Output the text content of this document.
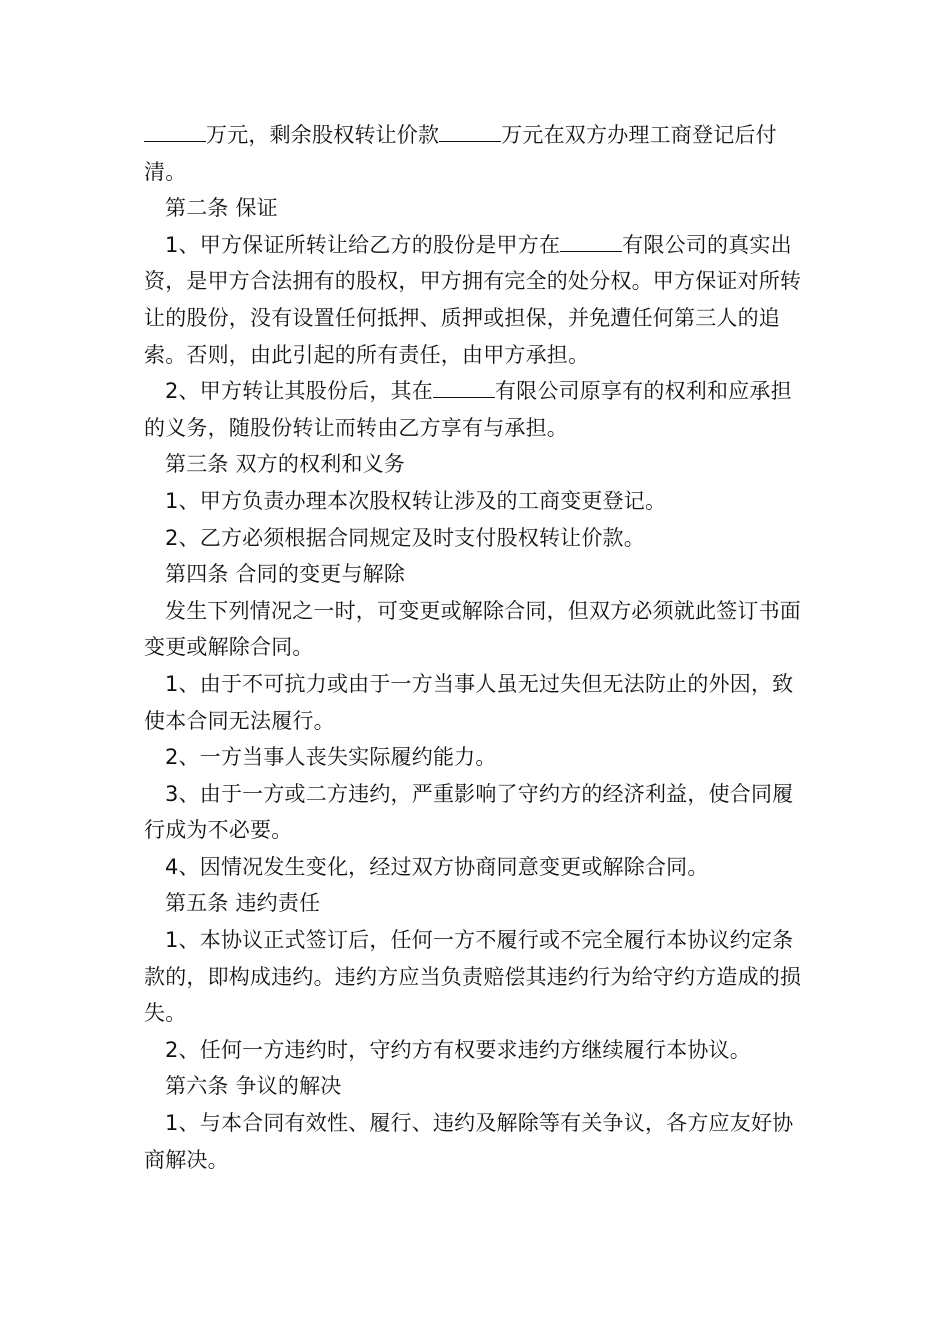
万元，剩余股权转让价款	万元在双方办理工商登记后付清。

第二条 保证

1、甲方保证所转让给乙方的股份是甲方在	有限公司的真实出资，是甲方合法拥有的股权，甲方拥有完全的处分权。甲方保证对所转让的股份，没有设置任何抵押、质押或担保，并免遭任何第三人的追索。否则，由此引起的所有责任，由甲方承担。

2、甲方转让其股份后，其在	有限公司原享有的权利和应承担的义务，随股份转让而转由乙方享有与承担。

第三条 双方的权利和义务

1、甲方负责办理本次股权转让涉及的工商变更登记。

2、乙方必须根据合同规定及时支付股权转让价款。

第四条 合同的变更与解除

发生下列情况之一时，可变更或解除合同，但双方必须就此签订书面变更或解除合同。

1、由于不可抗力或由于一方当事人虽无过失但无法防止的外因，致使本合同无法履行。

2、一方当事人丧失实际履约能力。

3、由于一方或二方违约，严重影响了守约方的经济利益，使合同履行成为不必要。

4、因情况发生变化，经过双方协商同意变更或解除合同。

第五条 违约责任

1、本协议正式签订后，任何一方不履行或不完全履行本协议约定条款的，即构成违约。违约方应当负责赔偿其违约行为给守约方造成的损失。

2、任何一方违约时，守约方有权要求违约方继续履行本协议。

第六条 争议的解决

1、与本合同有效性、履行、违约及解除等有关争议，各方应友好协商解决。
